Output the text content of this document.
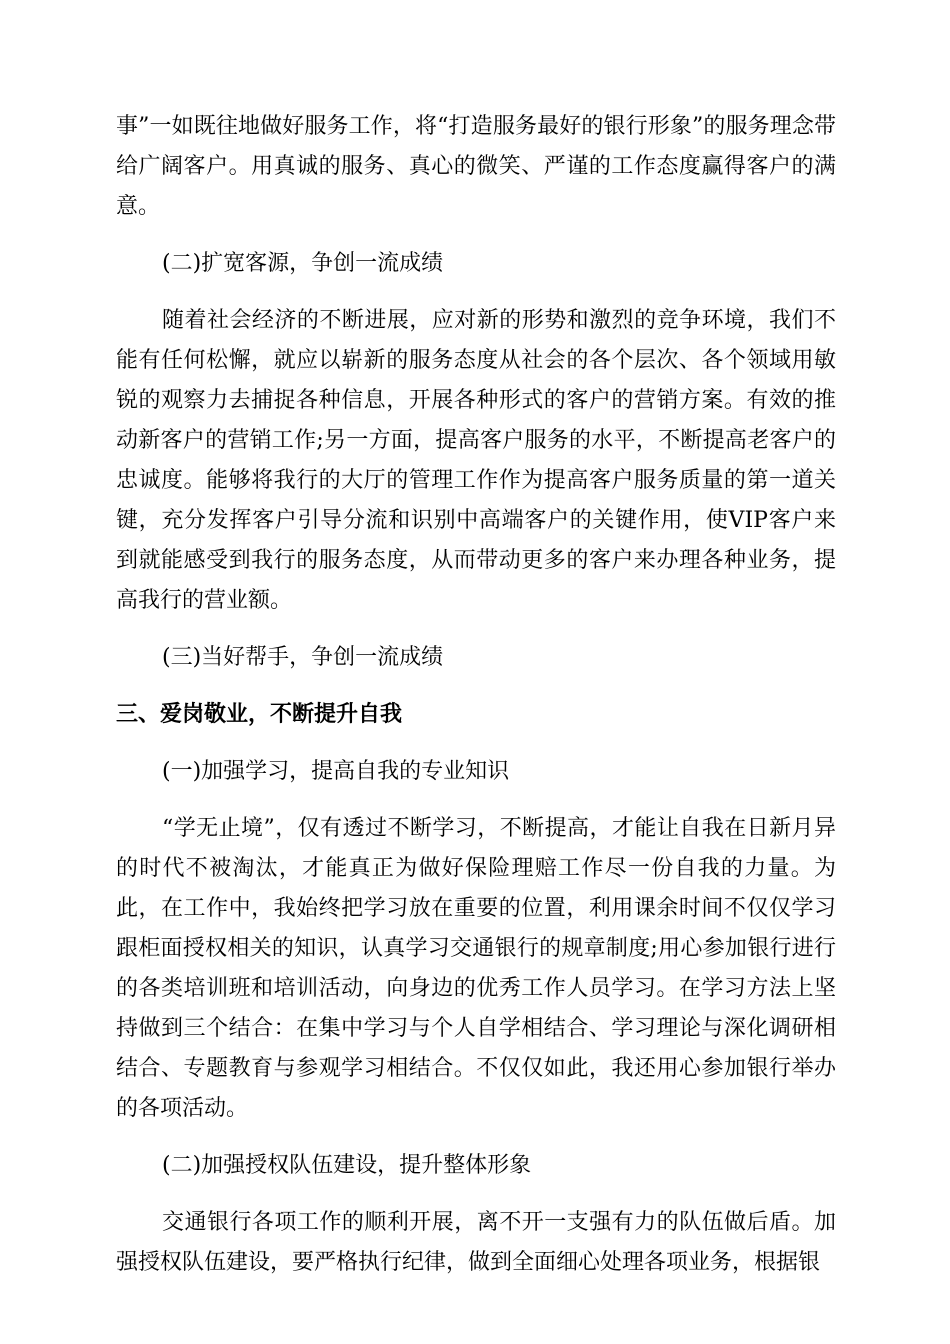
事”一如既往地做好服务工作，将“打造服务最好的银行形象”的服务理念带给广阔客户。用真诚的服务、真心的微笑、严谨的工作态度赢得客户的满意。

(二)扩宽客源，争创一流成绩

随着社会经济的不断进展，应对新的形势和激烈的竞争环境，我们不能有任何松懈，就应以崭新的服务态度从社会的各个层次、各个领域用敏锐的观察力去捕捉各种信息，开展各种形式的客户的营销方案。有效的推动新客户的营销工作;另一方面，提高客户服务的水平，不断提高老客户的忠诚度。能够将我行的大厅的管理工作作为提高客户服务质量的第一道关键，充分发挥客户引导分流和识别中高端客户的关键作用，使VIP客户来到就能感受到我行的服务态度，从而带动更多的客户来办理各种业务，提高我行的营业额。

(三)当好帮手，争创一流成绩

三、爱岗敬业，不断提升自我

(一)加强学习，提高自我的专业知识

“学无止境”，仅有透过不断学习，不断提高，才能让自我在日新月异的时代不被淘汰，才能真正为做好保险理赔工作尽一份自我的力量。为此，在工作中，我始终把学习放在重要的位置，利用课余时间不仅仅学习跟柜面授权相关的知识，认真学习交通银行的规章制度;用心参加银行进行的各类培训班和培训活动，向身边的优秀工作人员学习。在学习方法上坚持做到三个结合：在集中学习与个人自学相结合、学习理论与深化调研相结合、专题教育与参观学习相结合。不仅仅如此，我还用心参加银行举办的各项活动。

(二)加强授权队伍建设，提升整体形象

交通银行各项工作的顺利开展，离不开一支强有力的队伍做后盾。加强授权队伍建设，要严格执行纪律，做到全面细心处理各项业务，根据银
